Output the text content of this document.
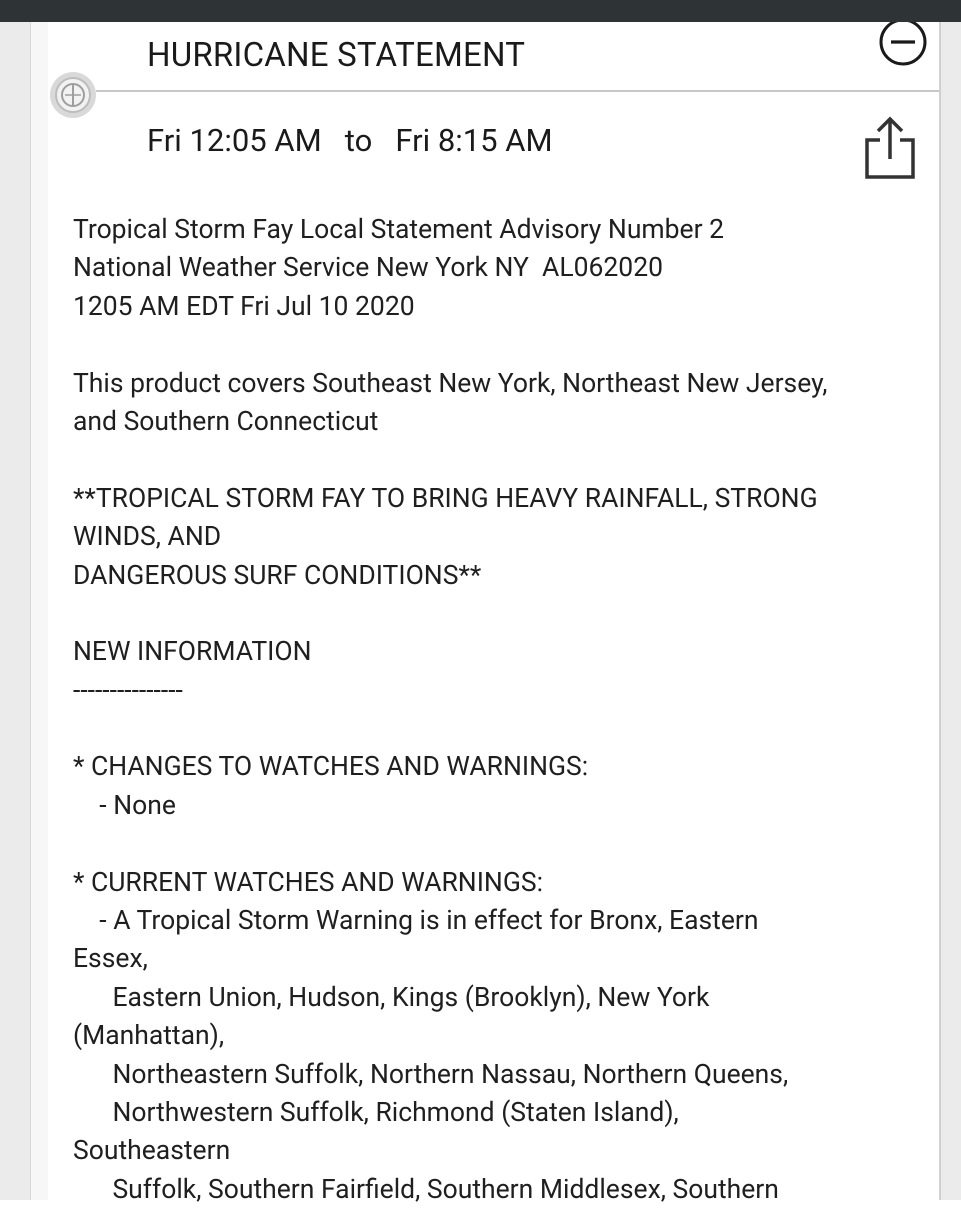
HURRICANE STATEMENT
Fri 12:05 AM to Fri 8:15 AM
Tropical Storm Fay Local Statement Advisory Number 2
National Weather Service New York NY  AL062020
1205 AM EDT Fri Jul 10 2020
This product covers Southeast New York, Northeast New Jersey,
and Southern Connecticut
**TROPICAL STORM FAY TO BRING HEAVY RAINFALL, STRONG
WINDS, AND
DANGEROUS SURF CONDITIONS**
NEW INFORMATION
---------------
* CHANGES TO WATCHES AND WARNINGS:
- None
* CURRENT WATCHES AND WARNINGS:
- A Tropical Storm Warning is in effect for Bronx, Eastern
Essex,
Eastern Union, Hudson, Kings (Brooklyn), New York
(Manhattan),
Northeastern Suffolk, Northern Nassau, Northern Queens,
Northwestern Suffolk, Richmond (Staten Island),
Southeastern
Suffolk, Southern Fairfield, Southern Middlesex, Southern
